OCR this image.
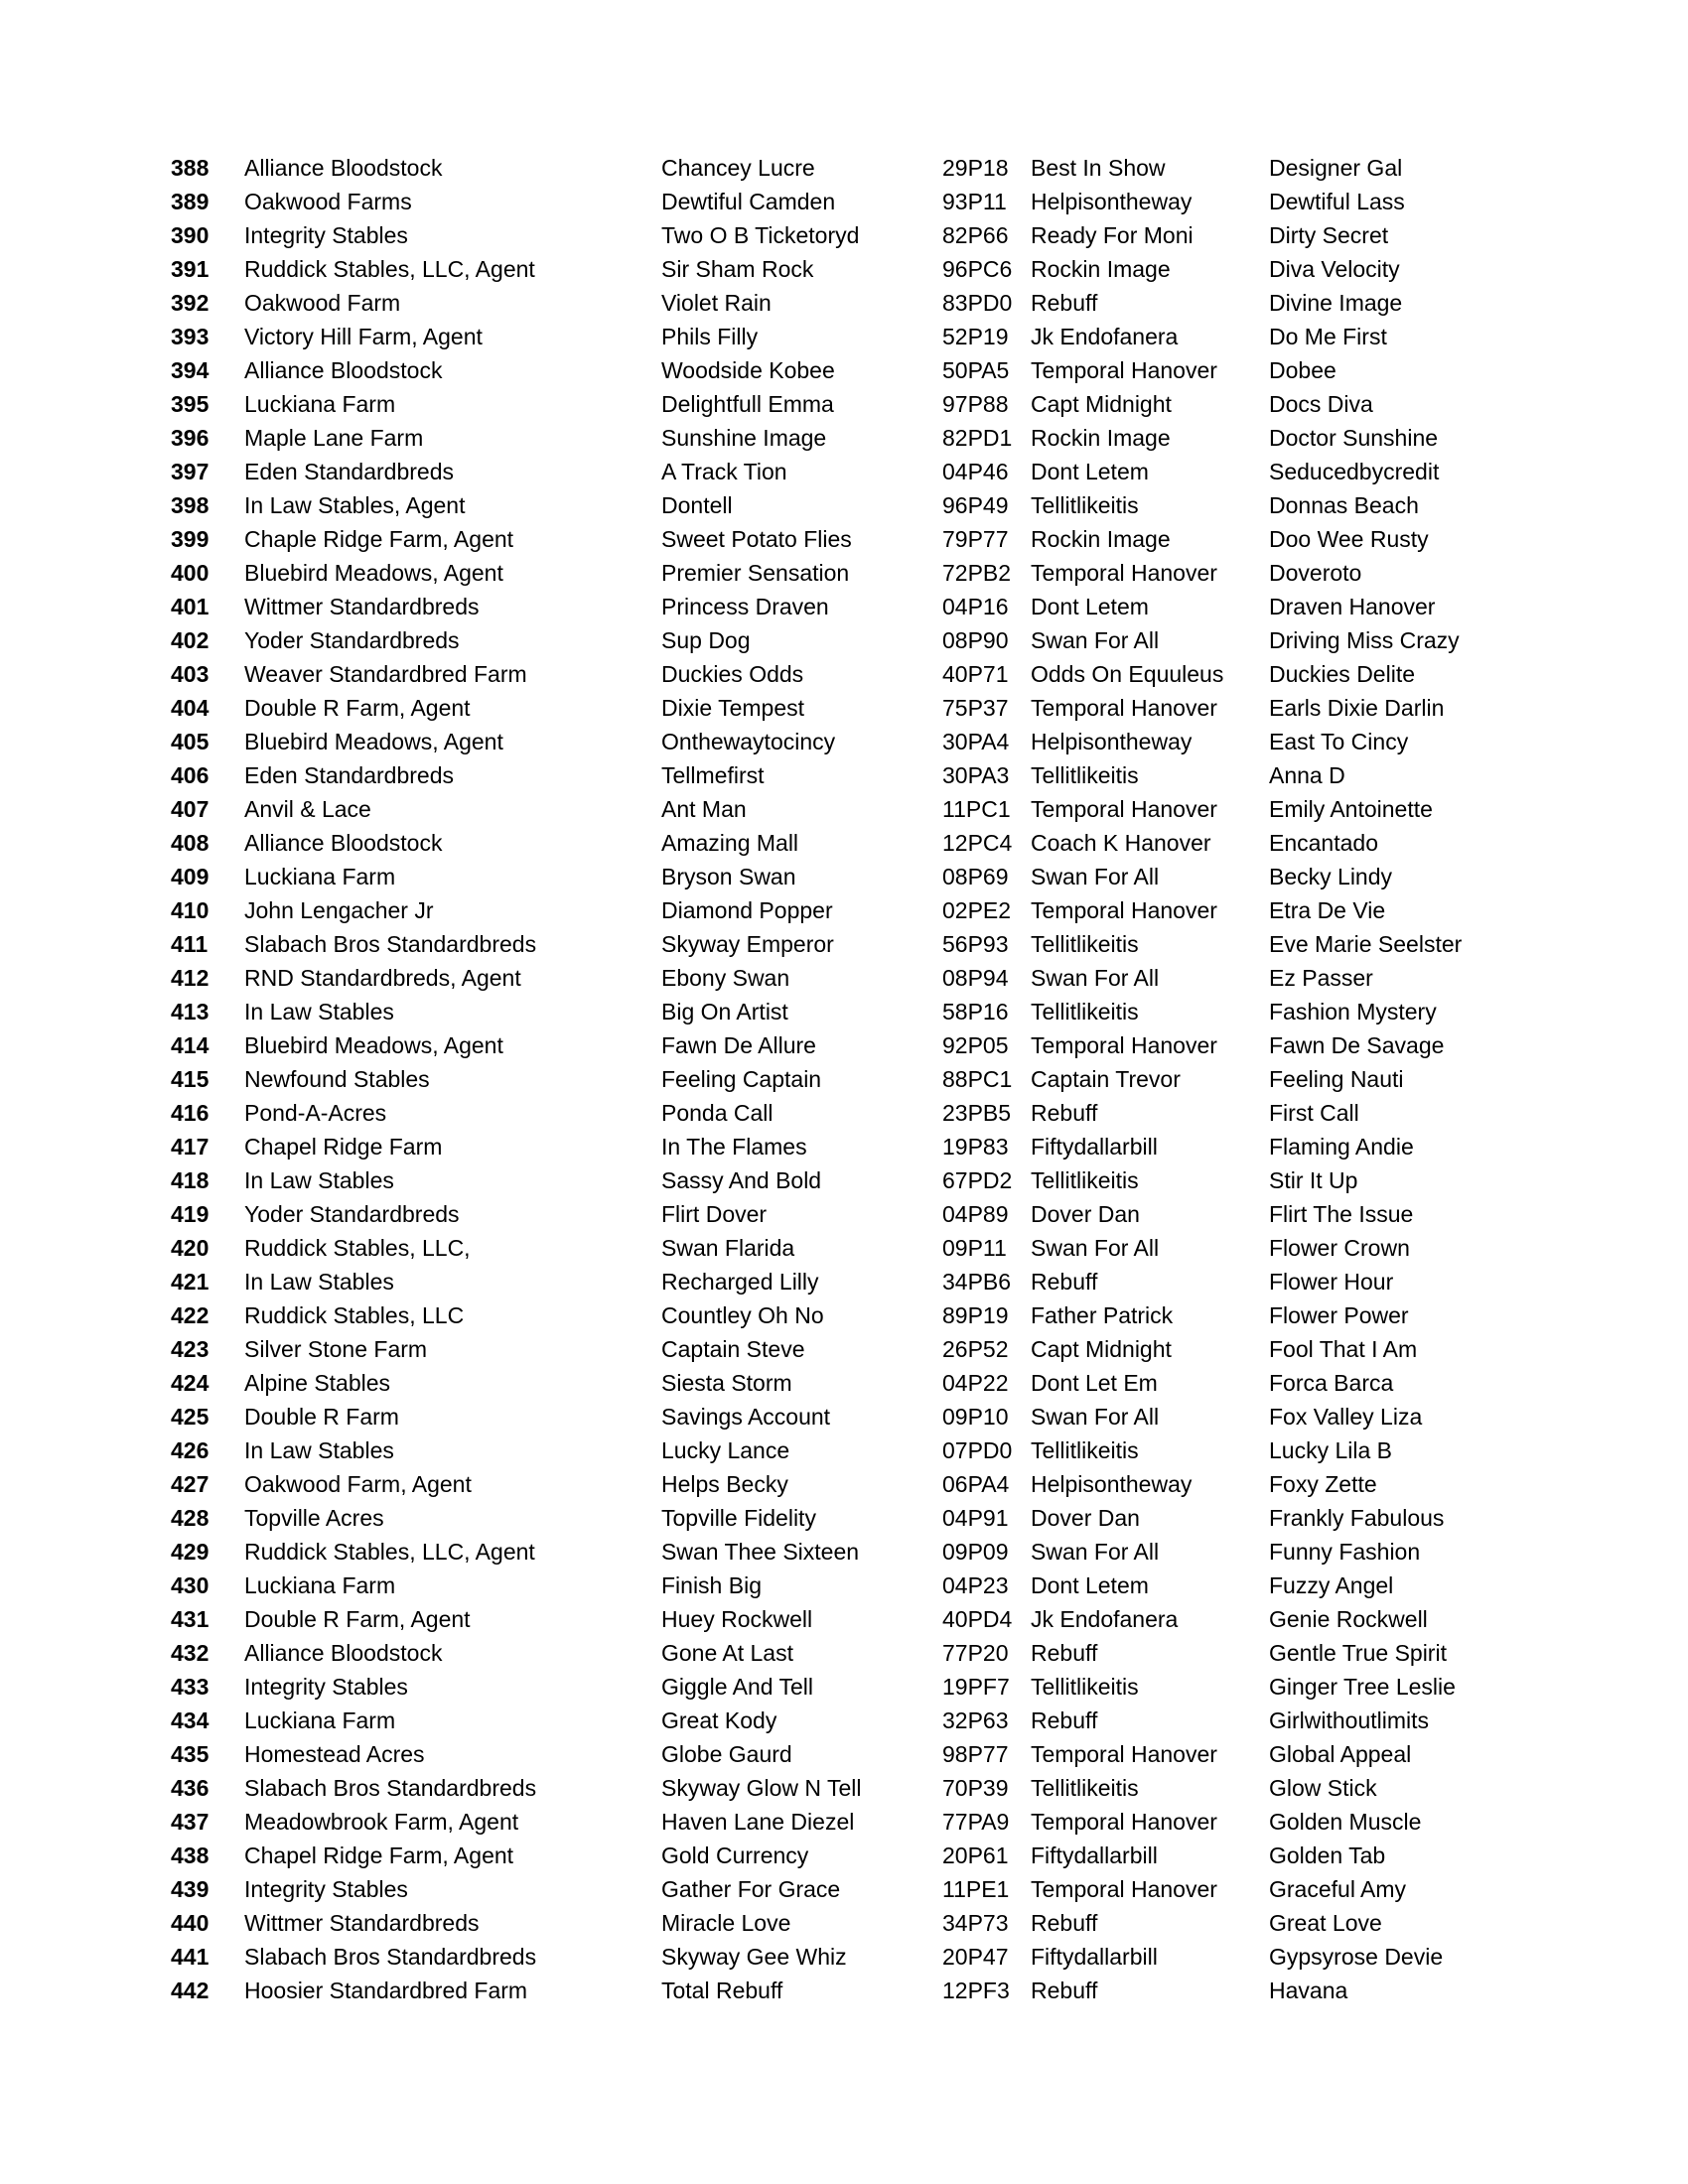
388	Alliance Bloodstock	Chancey Lucre	29P18	Best In Show	Designer Gal
389	Oakwood Farms	Dewtiful Camden	93P11	Helpisontheway	Dewtiful Lass
390	Integrity Stables	Two O B Ticketoryd	82P66	Ready For Moni	Dirty Secret
391	Ruddick Stables, LLC, Agent	Sir Sham Rock	96PC6	Rockin Image	Diva Velocity
392	Oakwood Farm	Violet Rain	83PD0	Rebuff	Divine Image
393	Victory Hill Farm, Agent	Phils Filly	52P19	Jk Endofanera	Do Me First
394	Alliance Bloodstock	Woodside Kobee	50PA5	Temporal Hanover	Dobee
395	Luckiana Farm	Delightfull Emma	97P88	Capt Midnight	Docs Diva
396	Maple Lane Farm	Sunshine Image	82PD1	Rockin Image	Doctor Sunshine
397	Eden Standardbreds	A Track Tion	04P46	Dont Letem	Seducedbycredit
398	In Law Stables, Agent	Dontell	96P49	Tellitlikeitis	Donnas Beach
399	Chaple Ridge Farm, Agent	Sweet Potato Flies	79P77	Rockin Image	Doo Wee Rusty
400	Bluebird Meadows, Agent	Premier Sensation	72PB2	Temporal Hanover	Doveroto
401	Wittmer Standardbreds	Princess Draven	04P16	Dont Letem	Draven Hanover
402	Yoder Standardbreds	Sup Dog	08P90	Swan For All	Driving Miss Crazy
403	Weaver Standardbred Farm	Duckies Odds	40P71	Odds On Equuleus	Duckies Delite
404	Double R Farm, Agent	Dixie Tempest	75P37	Temporal Hanover	Earls Dixie Darlin
405	Bluebird Meadows, Agent	Onthewaytocincy	30PA4	Helpisontheway	East To Cincy
406	Eden Standardbreds	Tellmefirst	30PA3	Tellitlikeitis	Anna D
407	Anvil & Lace	Ant Man	11PC1	Temporal Hanover	Emily Antoinette
408	Alliance Bloodstock	Amazing Mall	12PC4	Coach K Hanover	Encantado
409	Luckiana Farm	Bryson Swan	08P69	Swan For All	Becky Lindy
410	John Lengacher Jr	Diamond Popper	02PE2	Temporal Hanover	Etra De Vie
411	Slabach Bros Standardbreds	Skyway Emperor	56P93	Tellitlikeitis	Eve Marie Seelster
412	RND Standardbreds, Agent	Ebony Swan	08P94	Swan For All	Ez Passer
413	In Law Stables	Big On Artist	58P16	Tellitlikeitis	Fashion Mystery
414	Bluebird Meadows, Agent	Fawn De Allure	92P05	Temporal Hanover	Fawn De Savage
415	Newfound Stables	Feeling Captain	88PC1	Captain Trevor	Feeling Nauti
416	Pond-A-Acres	Ponda Call	23PB5	Rebuff	First Call
417	Chapel Ridge Farm	In The Flames	19P83	Fiftydallarbill	Flaming Andie
418	In Law Stables	Sassy And Bold	67PD2	Tellitlikeitis	Stir It Up
419	Yoder Standardbreds	Flirt Dover	04P89	Dover Dan	Flirt The Issue
420	Ruddick Stables, LLC,	Swan Flarida	09P11	Swan For All	Flower Crown
421	In Law Stables	Recharged Lilly	34PB6	Rebuff	Flower Hour
422	Ruddick Stables, LLC	Countley Oh No	89P19	Father Patrick	Flower Power
423	Silver Stone Farm	Captain Steve	26P52	Capt Midnight	Fool That I Am
424	Alpine Stables	Siesta Storm	04P22	Dont Let Em	Forca Barca
425	Double R Farm	Savings Account	09P10	Swan For All	Fox Valley Liza
426	In Law Stables	Lucky Lance	07PD0	Tellitlikeitis	Lucky Lila B
427	Oakwood Farm, Agent	Helps Becky	06PA4	Helpisontheway	Foxy Zette
428	Topville Acres	Topville Fidelity	04P91	Dover Dan	Frankly Fabulous
429	Ruddick Stables, LLC, Agent	Swan Thee Sixteen	09P09	Swan For All	Funny Fashion
430	Luckiana Farm	Finish Big	04P23	Dont Letem	Fuzzy Angel
431	Double R Farm, Agent	Huey Rockwell	40PD4	Jk Endofanera	Genie Rockwell
432	Alliance Bloodstock	Gone At Last	77P20	Rebuff	Gentle True Spirit
433	Integrity Stables	Giggle And Tell	19PF7	Tellitlikeitis	Ginger Tree Leslie
434	Luckiana Farm	Great Kody	32P63	Rebuff	Girlwithoutlimits
435	Homestead Acres	Globe Gaurd	98P77	Temporal Hanover	Global Appeal
436	Slabach Bros Standardbreds	Skyway Glow N Tell	70P39	Tellitlikeitis	Glow Stick
437	Meadowbrook Farm, Agent	Haven Lane Diezel	77PA9	Temporal Hanover	Golden Muscle
438	Chapel Ridge Farm, Agent	Gold Currency	20P61	Fiftydallarbill	Golden Tab
439	Integrity Stables	Gather For Grace	11PE1	Temporal Hanover	Graceful Amy
440	Wittmer Standardbreds	Miracle Love	34P73	Rebuff	Great Love
441	Slabach Bros Standardbreds	Skyway Gee Whiz	20P47	Fiftydallarbill	Gypsyrose Devie
442	Hoosier Standardbred Farm	Total Rebuff	12PF3	Rebuff	Havana
